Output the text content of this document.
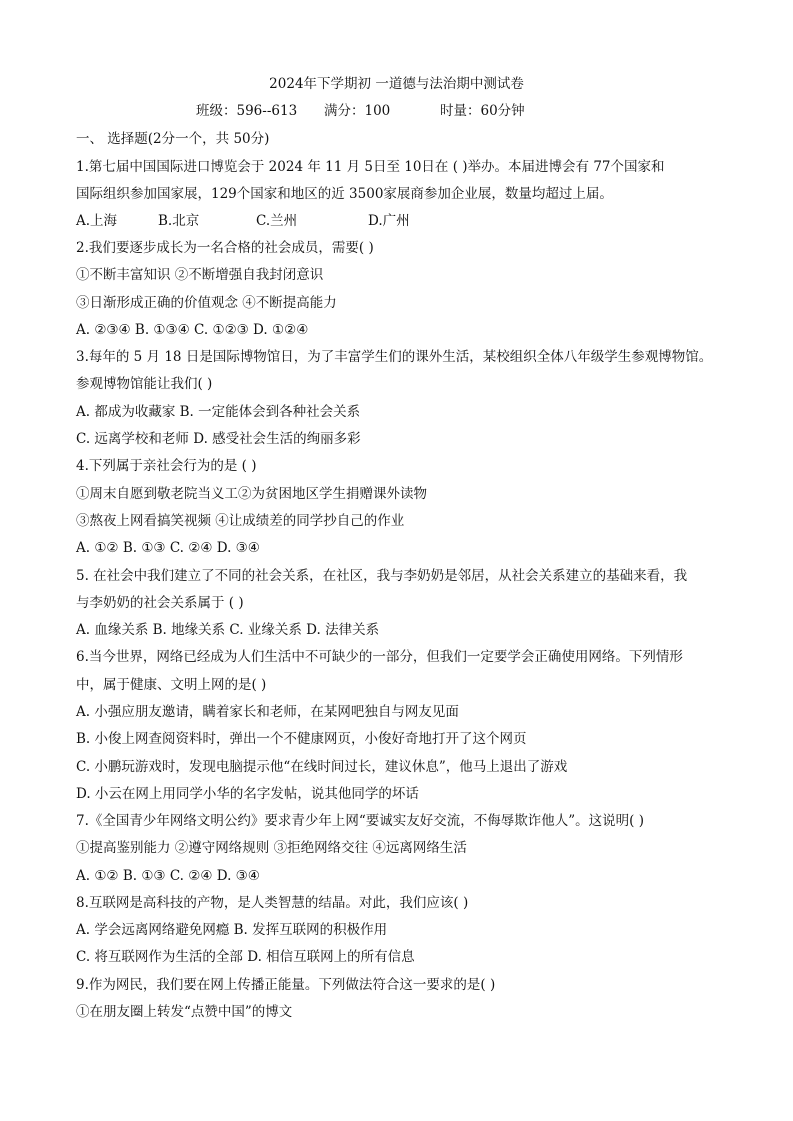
2024年下学期初 一道德与法治期中测试卷
班级：596--613 满分：100	时量：60分钟
一、 选择题(2分一个，共 50分)
1.第七届中国国际进口博览会于 2024 年 11 月 5日至 10日在 ( )举办。本届进博会有 77个国家和
国际组织参加国家展，129个国家和地区的近 3500家展商参加企业展，数量均超过上届。
A.上海	B.北京	C.兰州	D.广州
2.我们要逐步成长为一名合格的社会成员，需要( )
①不断丰富知识 ②不断增强自我封闭意识
③日渐形成正确的价值观念 ④不断提高能力
A. ②③④ B. ①③④ C. ①②③ D. ①②④
3.每年的 5 月 18 日是国际博物馆日，为了丰富学生们的课外生活，某校组织全体八年级学生参观博物馆。
参观博物馆能让我们( )
A. 都成为收藏家 B. 一定能体会到各种社会关系
C. 远离学校和老师 D. 感受社会生活的绚丽多彩
4.下列属于亲社会行为的是 ( )
①周末自愿到敬老院当义工②为贫困地区学生捐赠课外读物
③熬夜上网看搞笑视频 ④让成绩差的同学抄自己的作业
A. ①② B. ①③ C. ②④ D. ③④
5. 在社会中我们建立了不同的社会关系，在社区，我与李奶奶是邻居，从社会关系建立的基础来看，我
与李奶奶的社会关系属于 ( )
A. 血缘关系 B. 地缘关系 C. 业缘关系 D. 法律关系
6.当今世界，网络已经成为人们生活中不可缺少的一部分，但我们一定要学会正确使用网络。下列情形
中，属于健康、文明上网的是( )
A. 小强应朋友邀请，瞒着家长和老师，在某网吧独自与网友见面
B. 小俊上网查阅资料时，弹出一个不健康网页，小俊好奇地打开了这个网页
C. 小鹏玩游戏时，发现电脑提示他“在线时间过长，建议休息”，他马上退出了游戏
D. 小云在网上用同学小华的名字发帖，说其他同学的坏话
7.《全国青少年网络文明公约》要求青少年上网“要诚实友好交流，不侮辱欺诈他人”。这说明( )
①提高鉴别能力 ②遵守网络规则 ③拒绝网络交往 ④远离网络生活
A. ①② B. ①③ C. ②④ D. ③④
8.互联网是高科技的产物，是人类智慧的结晶。对此，我们应该( )
A. 学会远离网络避免网瘾 B. 发挥互联网的积极作用
C. 将互联网作为生活的全部 D. 相信互联网上的所有信息
9.作为网民，我们要在网上传播正能量。下列做法符合这一要求的是( )
①在朋友圈上转发“点赞中国”的博文
